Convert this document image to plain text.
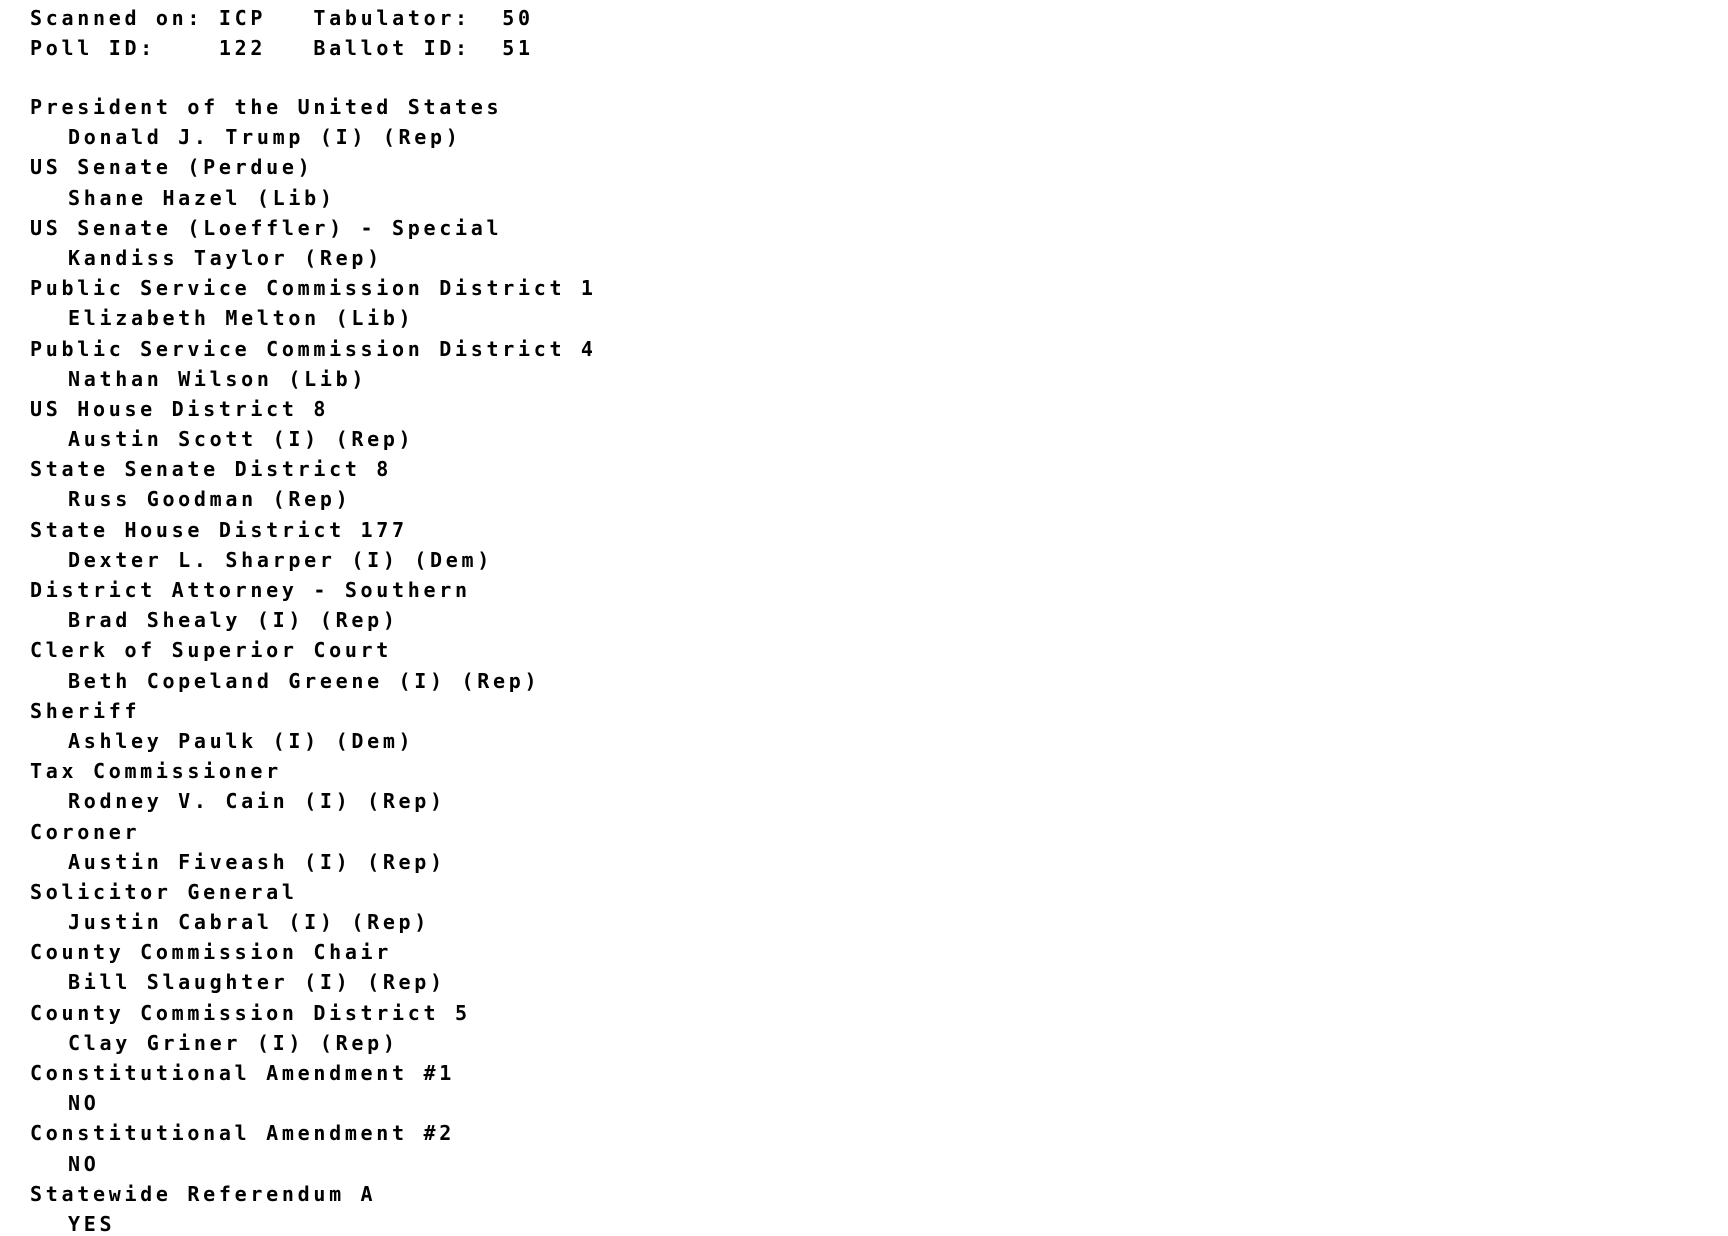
Scanned on: ICP Tabulator: 50
Poll ID:	122 Ballot ID: 51
President of the United States
Donald J. Trump (I) (Rep)
US Senate (Perdue)
Shane Hazel (Lib)
US Senate (Loeffler) - Special
Kandiss Taylor (Rep)
Public Service Commission District 1
Elizabeth Melton (Lib)
Public Service Commission District 4
Nathan Wilson (Lib)
US House District 8
Austin Scott (I) (Rep)
State Senate District 8
Russ Goodman (Rep)
State House District 177
Dexter L. Sharper (I) (Dem)
District Attorney - Southern
Brad Shealy (I) (Rep)
Clerk of Superior Court
Beth Copeland Greene (I) (Rep)
Sheriff
Ashley Paulk (I) (Dem)
Tax Commissioner
Rodney V. Cain (I) (Rep)
Coroner
Austin Fiveash (I) (Rep)
Solicitor General
Justin Cabral (I) (Rep)
County Commission Chair
Bill Slaughter (I) (Rep)
County Commission District 5
Clay Griner (I) (Rep)
Constitutional Amendment #1
NO
Constitutional Amendment #2
NO
Statewide Referendum A
YES
